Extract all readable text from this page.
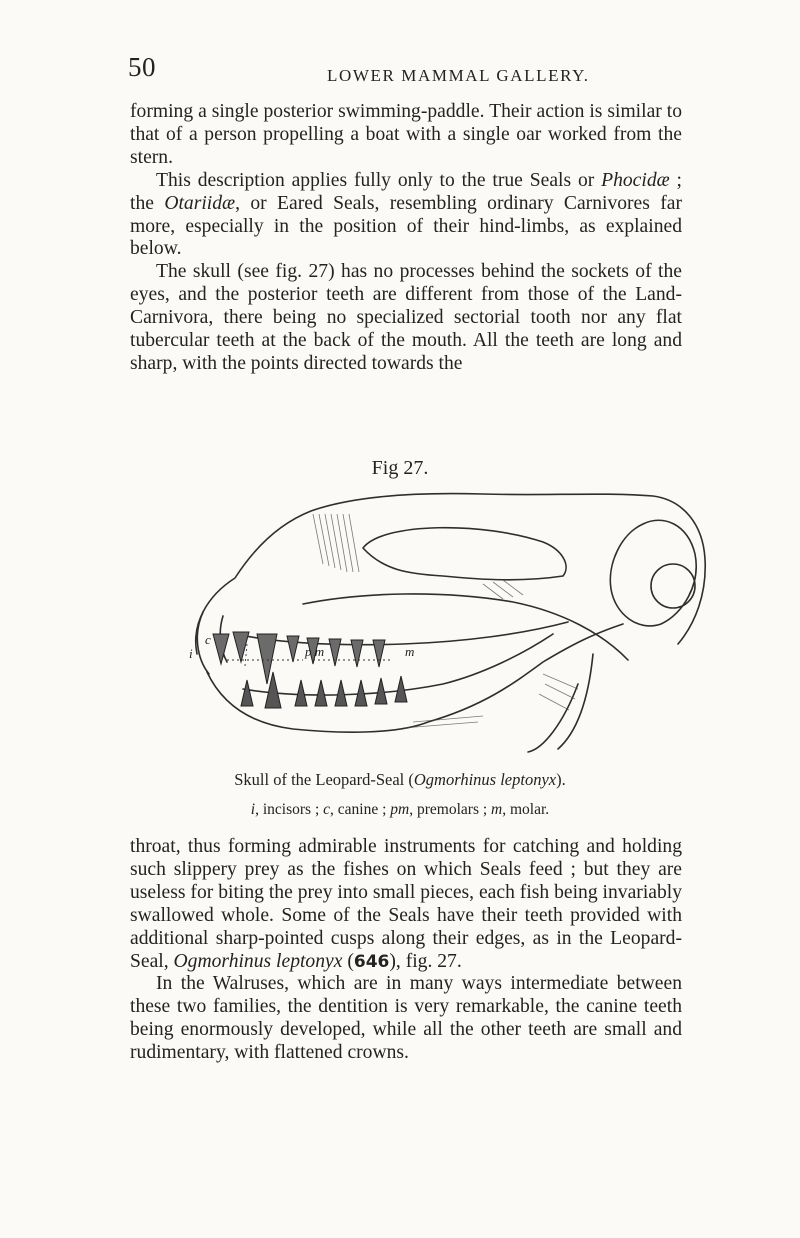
50	LOWER MAMMAL GALLERY.

forming a single posterior swimming-paddle. Their action is similar to that of a person propelling a boat with a single oar worked from the stern.

This description applies fully only to the true Seals or Phocidæ ; the Otariidæ, or Eared Seals, resembling ordinary Carnivores far more, especially in the position of their hind-limbs, as explained below.

The skull (see fig. 27) has no processes behind the sockets of the eyes, and the posterior teeth are different from those of the Land-Carnivora, there being no specialized sectorial tooth nor any flat tubercular teeth at the back of the mouth. All the teeth are long and sharp, with the points directed towards the

Fig 27.
i
c
p m	m
Skull of the Leopard-Seal (Ogmorhinus leptonyx).
i, incisors ; c, canine ; pm, premolars ; m, molar.

throat, thus forming admirable instruments for catching and holding such slippery prey as the fishes on which Seals feed ; but they are useless for biting the prey into small pieces, each fish being invariably swallowed whole. Some of the Seals have their teeth provided with additional sharp-pointed cusps along their edges, as in the Leopard-Seal, Ogmorhinus leptonyx (646), fig. 27.

In the Walruses, which are in many ways intermediate between these two families, the dentition is very remarkable, the canine teeth being enormously developed, while all the other teeth are small and rudimentary, with flattened crowns.
